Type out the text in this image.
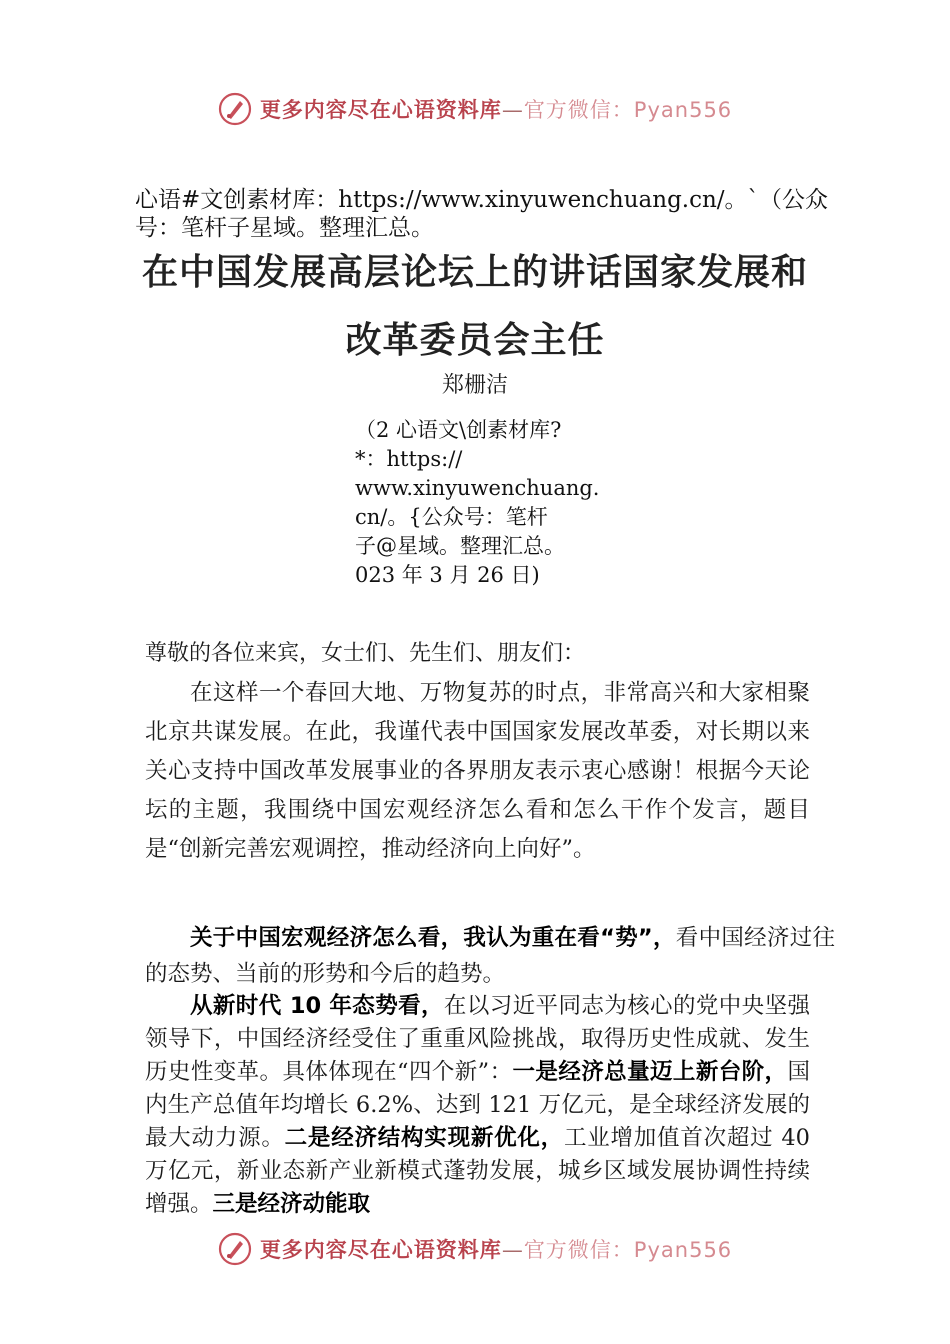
更多内容尽在心语资料库—官方微信：Pyan556
心语#文创素材库：https://www.xinyuwenchuang.cn/。`（公众号：笔杆子星域。整理汇总。
在中国发展高层论坛上的讲话国家发展和
改革委员会主任
郑栅洁
（2 心语文\创素材库?
*：https://
www.xinyuwenchuang.
cn/。{公众号：笔杆
子@星域。整理汇总。
023 年 3 月 26 日)
尊敬的各位来宾，女士们、先生们、朋友们：

在这样一个春回大地、万物复苏的时点，非常高兴和大家相聚北京共谋发展。在此，我谨代表中国国家发展改革委，对长期以来关心支持中国改革发展事业的各界朋友表示衷心感谢！根据今天论坛的主题，我围绕中国宏观经济怎么看和怎么干作个发言，题目是“创新完善宏观调控，推动经济向上向好”。

关于中国宏观经济怎么看，我认为重在看“势”，看中国经济过往的态势、当前的形势和今后的趋势。

从新时代 10 年态势看，在以习近平同志为核心的党中央坚强领导下，中国经济经受住了重重风险挑战，取得历史性成就、发生历史性变革。具体体现在“四个新”：一是经济总量迈上新台阶，国内生产总值年均增长 6.2%、达到 121 万亿元，是全球经济发展的最大动力源。二是经济结构实现新优化，工业增加值首次超过 40 万亿元，新业态新产业新模式蓬勃发展，城乡区域发展协调性持续增强。三是经济动能取

更多内容尽在心语资料库—官方微信：Pyan556
